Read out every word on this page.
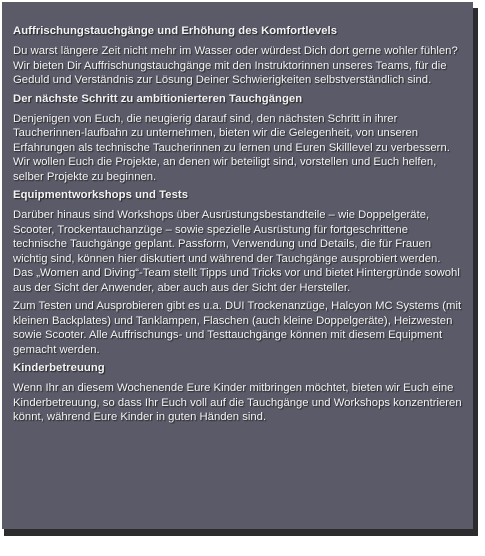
Auffrischungstauchgänge und Erhöhung des Komfortlevels

Du warst längere Zeit nicht mehr im Wasser oder würdest Dich dort gerne wohler fühlen? Wir bieten Dir Auffrischungstauchgänge mit den Instruktorinnen unseres Teams, für die Geduld und Verständnis zur Lösung Deiner Schwierigkeiten selbstverständlich sind.

Der nächste Schritt zu ambitionierteren Tauchgängen

Denjenigen von Euch, die neugierig darauf sind, den nächsten Schritt in ihrer Taucherinnen-laufbahn zu unternehmen, bieten wir die Gelegenheit, von unseren Erfahrungen als technische Taucherinnen zu lernen und Euren Skilllevel zu verbessern. Wir wollen Euch die Projekte, an denen wir beteiligt sind, vorstellen und Euch helfen, selber Projekte zu beginnen.

Equipmentworkshops und Tests

Darüber hinaus sind Workshops über Ausrüstungsbestandteile – wie Doppelgeräte, Scooter, Trockentauchanzüge – sowie spezielle Ausrüstung für fortgeschrittene technische Tauchgänge geplant. Passform, Verwendung und Details, die für Frauen wichtig sind, können hier diskutiert und während der Tauchgänge ausprobiert werden. Das „Women and Diving“-Team stellt Tipps und Tricks vor und bietet Hintergründe sowohl aus der Sicht der Anwender, aber auch aus der Sicht der Hersteller.

Zum Testen und Ausprobieren gibt es u.a. DUI Trockenanzüge, Halcyon MC Systems (mit kleinen Backplates) und Tanklampen, Flaschen (auch kleine Doppelgeräte), Heizwesten sowie Scooter. Alle Auffrischungs- und Testtauchgänge können mit diesem Equipment gemacht werden.

Kinderbetreuung

Wenn Ihr an diesem Wochenende Eure Kinder mitbringen möchtet, bieten wir Euch eine Kinderbetreuung, so dass Ihr Euch voll auf die Tauchgänge und Workshops konzentrieren könnt, während Eure Kinder in guten Händen sind.
